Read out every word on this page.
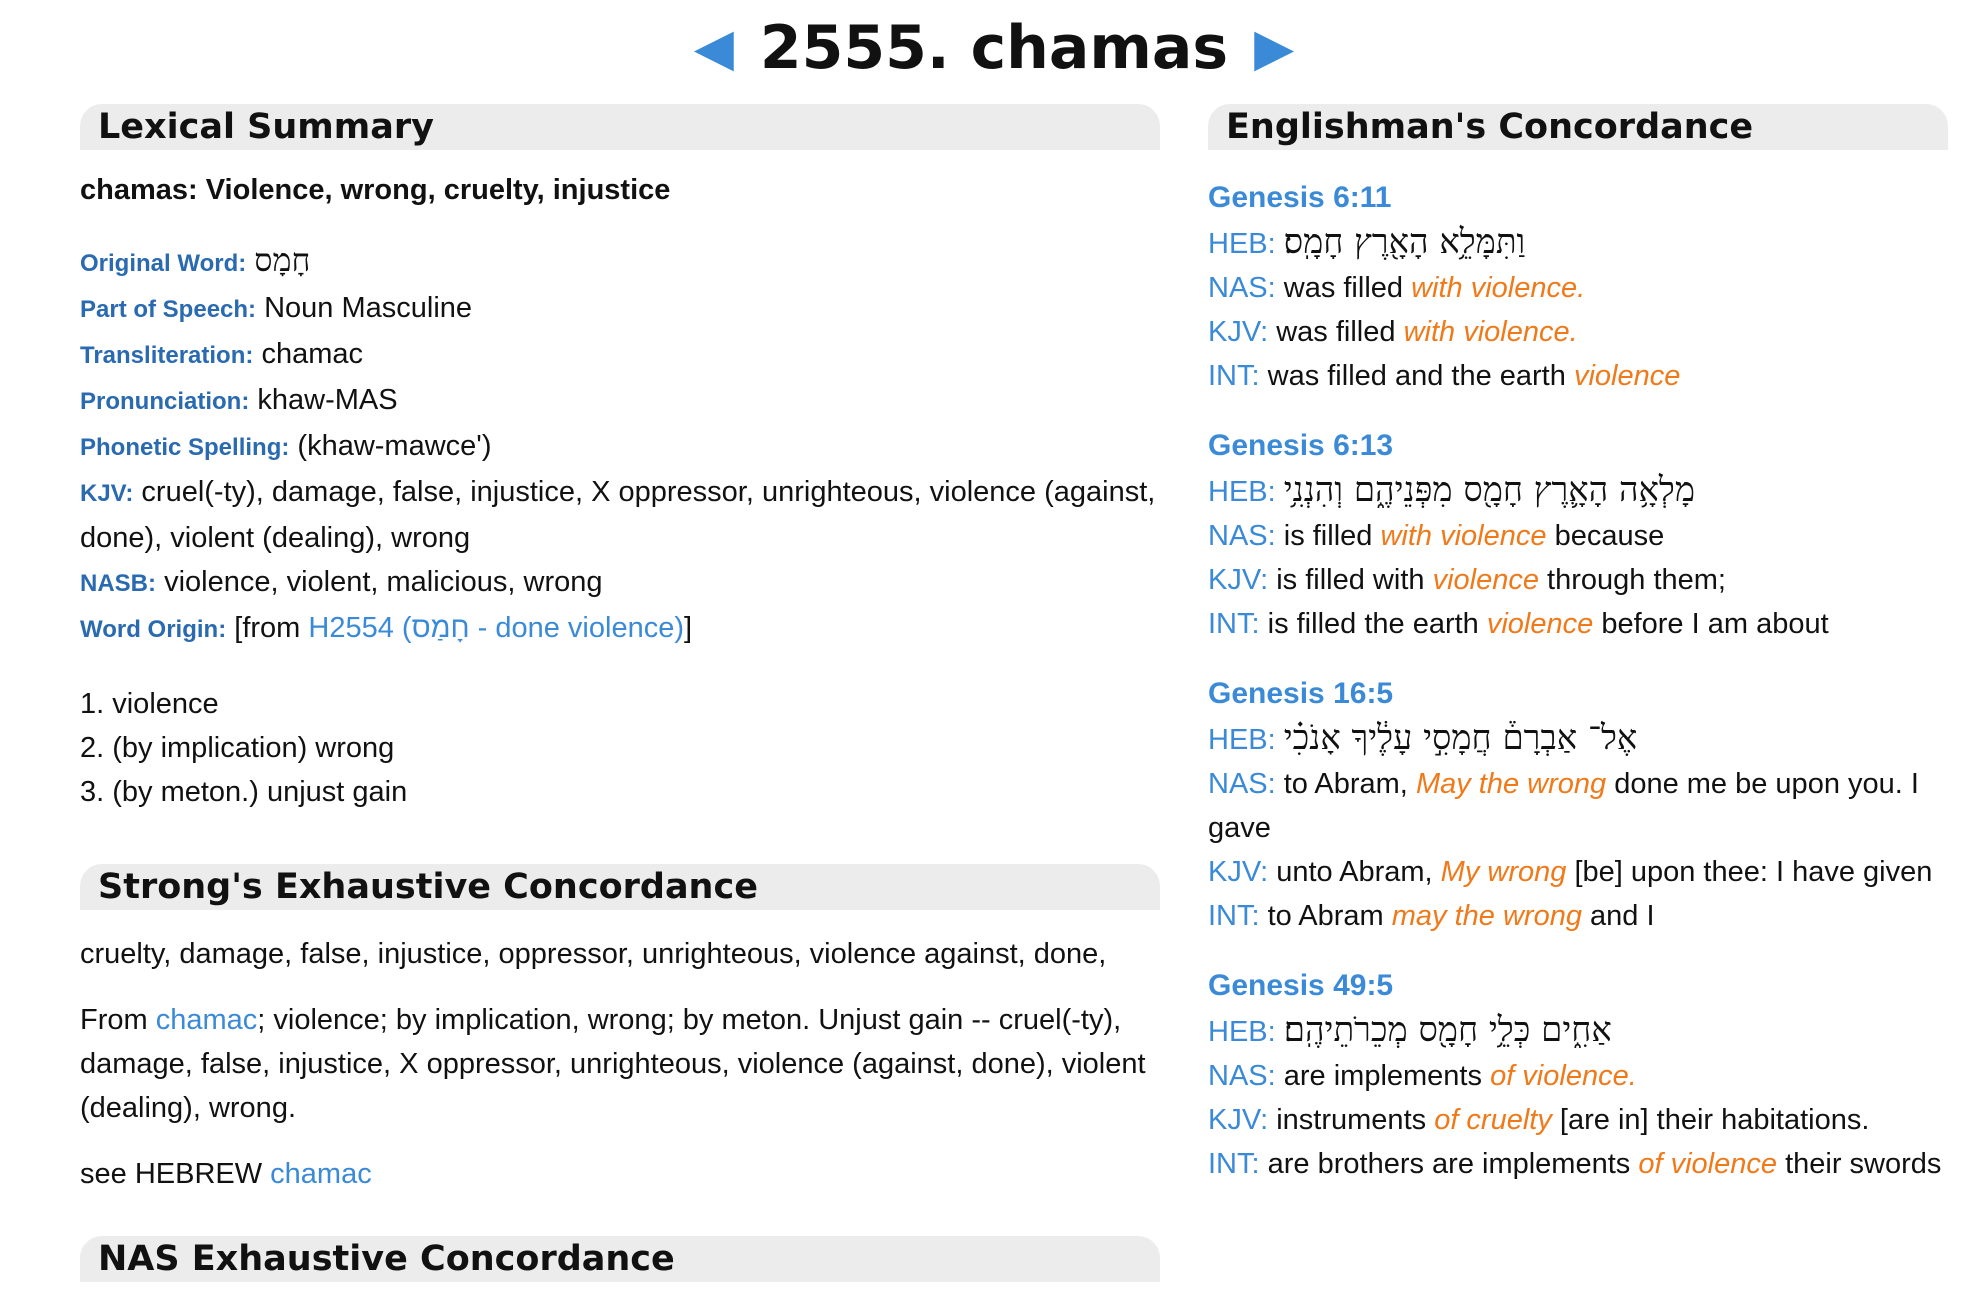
◀ 2555. chamas ▶
Lexical Summary
chamas: Violence, wrong, cruelty, injustice
Original Word: חָמָס
Part of Speech: Noun Masculine
Transliteration: chamac
Pronunciation: khaw-MAS
Phonetic Spelling: (khaw-mawce')
KJV: cruel(-ty), damage, false, injustice, X oppressor, unrighteous, violence (against, done), violent (dealing), wrong
NASB: violence, violent, malicious, wrong
Word Origin: [from H2554 (חָמַס - done violence)]
1. violence
2. (by implication) wrong
3. (by meton.) unjust gain
Strong's Exhaustive Concordance

cruelty, damage, false, injustice, oppressor, unrighteous, violence against, done,

From chamac; violence; by implication, wrong; by meton. Unjust gain -- cruel(-ty), damage, false, injustice, X oppressor, unrighteous, violence (against, done), violent (dealing), wrong.

see HEBREW chamac

NAS Exhaustive Concordance
Englishman's Concordance
Genesis 6:11
HEB: וַתִּמָּלֵ֥א הָאָ֖רֶץ חָמָֽס׃
NAS: was filled with violence.
KJV: was filled with violence.
INT: was filled and the earth violence
Genesis 6:13
HEB: מָלְאָ֥ה הָאָ֛רֶץ חָמָ֖ס מִפְּנֵיהֶ֑ם וְהִנְנִ֥י
NAS: is filled with violence because
KJV: is filled with violence through them;
INT: is filled the earth violence before I am about
Genesis 16:5
HEB: אֶל־ אַבְרָם֒ חֲמָסִ֣י עָלֶ֔יךָ אָנֹכִ֗י
NAS: to Abram, May the wrong done me be upon you. I gave
KJV: unto Abram, My wrong [be] upon thee: I have given
INT: to Abram may the wrong and I
Genesis 49:5
HEB: אַחִ֑ים כְּלֵ֥י חָמָ֖ס מְכֵרֹתֵיהֶֽם׃
NAS: are implements of violence.
KJV: instruments of cruelty [are in] their habitations.
INT: are brothers are implements of violence their swords
